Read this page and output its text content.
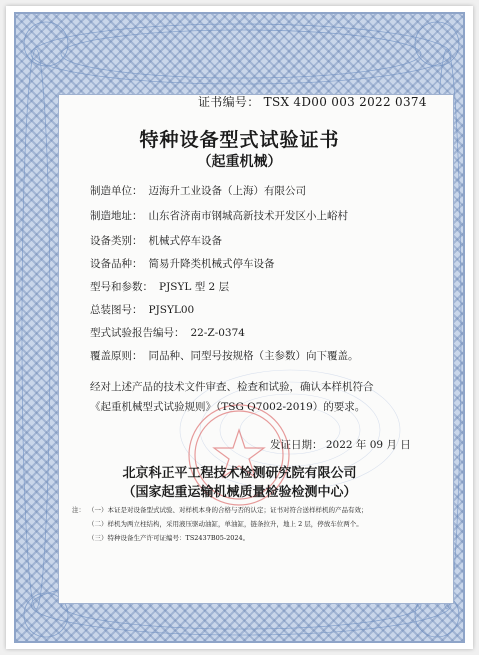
证书编号： TSX 4D00 003 2022 0374
特种设备型式试验证书
（起重机械）
制造单位： 迈海升工业设备（上海）有限公司
制造地址： 山东省济南市钢城高新技术开发区小上峪村
设备类别： 机械式停车设备
设备品种： 简易升降类机械式停车设备
型号和参数： PJSYL 型 2 层
总装图号： PJSYL00
型式试验报告编号： 22-Z-0374
覆盖原则： 同品种、同型号按规格（主参数）向下覆盖。
经对上述产品的技术文件审查、检查和试验，确认本样机符合《起重机械型式试验规则》（TSG Q7002-2019）的要求。
发证日期： 2022 年 09 月 日
北京科正平工程技术检测研究院有限公司
（国家起重运输机械质量检验检测中心）
注： （一）本证是对设备型式试验、对样机本身的合格与否的认定；证书对符合送样样机的产品有效；
（二）样机为两立柱结构，采用液压驱动油缸，单油缸，链条拉升，地上 2 层，停放车位两个。
（三）特种设备生产许可证编号：TS2437B05-2024。
